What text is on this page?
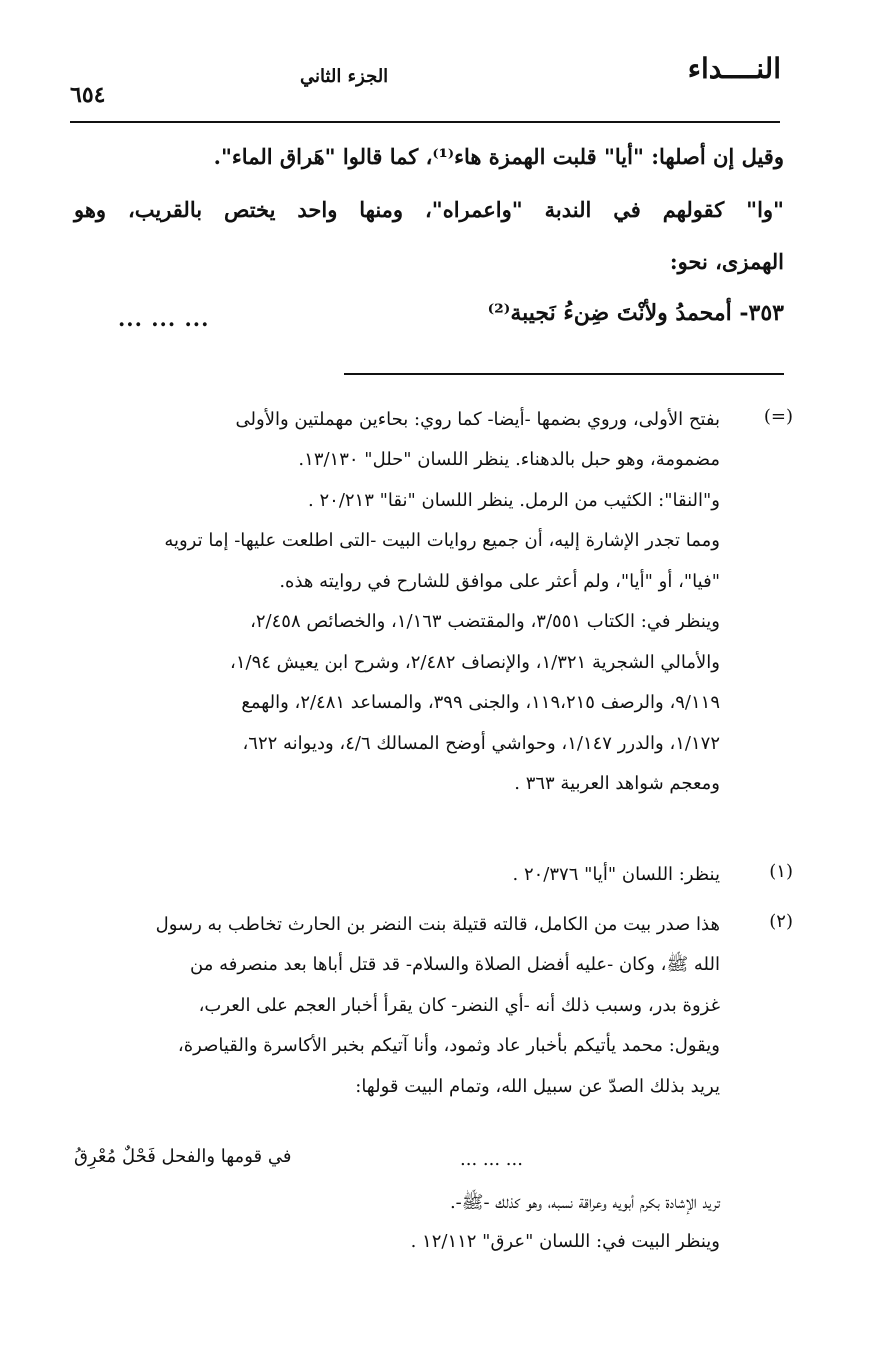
النــــداء
الجزء الثاني
٦٥٤
وقيل إن أصلها: "أيا" قلبت الهمزة هاء⁽¹⁾، كما قالوا "هَراق الماء".
"وا" كقولهم في الندبة "واعمراه"، ومنها واحد يختص بالقريب، وهو
الهمزى، نحو:
٣٥٣- أمحمدُ ولأنْتَ ضِنءُ نَجيبة⁽²⁾
... ... ...
(=)
بفتح الأولى، وروي بضمها -أيضا- كما روي: بحاءين مهملتين والأولى
مضمومة، وهو حبل بالدهناء. ينظر اللسان "حلل" ١٣/١٣٠.
و"النقا": الكثيب من الرمل. ينظر اللسان "نقا" ٢٠/٢١٣ .
ومما تجدر الإشارة إليه، أن جميع روايات البيت -التى اطلعت عليها- إما ترويه
"فيا"، أو "أيا"، ولم أعثر على موافق للشارح في روايته هذه.
وينظر في: الكتاب ٣/٥٥١، والمقتضب ١/١٦٣، والخصائص ٢/٤٥٨،
والأمالي الشجرية ١/٣٢١، والإنصاف ٢/٤٨٢، وشرح ابن يعيش ١/٩٤،
٩/١١٩، والرصف ١١٩،٢١٥، والجنى ٣٩٩، والمساعد ٢/٤٨١، والهمع
١/١٧٢، والدرر ١/١٤٧، وحواشي أوضح المسالك ٤/٦، وديوانه ٦٢٢،
ومعجم شواهد العربية ٣٦٣ .
(١)
ينظر: اللسان "أيا" ٢٠/٣٧٦ .
(٢)
هذا صدر بيت من الكامل، قالته قتيلة بنت النضر بن الحارث تخاطب به رسول
الله ﷺ، وكان -عليه أفضل الصلاة والسلام- قد قتل أباها بعد منصرفه من
غزوة بدر، وسبب ذلك أنه -أي النضر- كان يقرأ أخبار العجم على العرب،
ويقول: محمد يأتيكم بأخبار عاد وثمود، وأنا آتيكم بخبر الأكاسرة والقياصرة،
يريد بذلك الصدّ عن سبيل الله، وتمام البيت قولها:
في قومها والفحل فَحْلٌ مُعْرِقُ	... ... ...
تريد الإشادة بكرم أبويه وعراقة نسبه، وهو كذلك -ﷺ-.
وينظر البيت في: اللسان "عرق" ١٢/١١٢ .
